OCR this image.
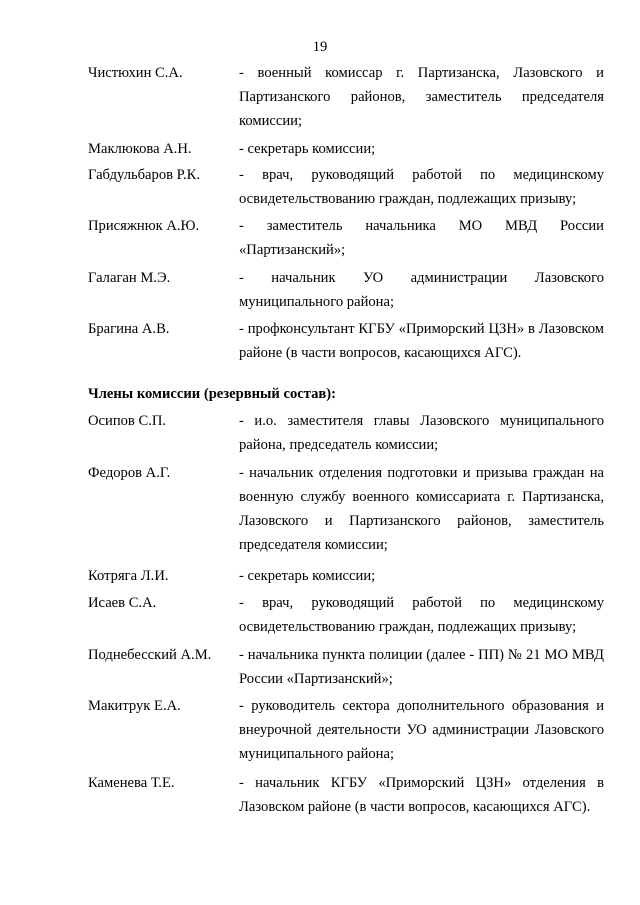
19
Чистюхин С.А.	- военный комиссар г. Партизанска, Лазовского и Партизанского районов, заместитель председателя комиссии;
Маклюкова А.Н.	- секретарь комиссии;
Габдульбаров Р.К.	- врач, руководящий работой по медицинскому освидетельствованию граждан, подлежащих призыву;
Присяжнюк А.Ю.	- заместитель начальника МО МВД России «Партизанский»;
Галаган М.Э.	- начальник УО администрации Лазовского муниципального района;
Брагина А.В.	- профконсультант КГБУ «Приморский ЦЗН» в Лазовском районе (в части вопросов, касающихся АГС).
Члены комиссии (резервный состав):
Осипов С.П.	- и.о. заместителя главы Лазовского муниципального района, председатель комиссии;
Федоров А.Г.	- начальник отделения подготовки и призыва граждан на военную службу военного комиссариата г. Партизанска, Лазовского и Партизанского районов, заместитель председателя комиссии;
Котряга Л.И.	- секретарь комиссии;
Исаев С.А.	- врач, руководящий работой по медицинскому освидетельствованию граждан, подлежащих призыву;
Поднебесский А.М. - начальника пункта полиции (далее - ПП) № 21 МО МВД России «Партизанский»;
Макитрук Е.А.	- руководитель сектора дополнительного образования и внеурочной деятельности УО администрации Лазовского муниципального района;
Каменева Т.Е.	- начальник КГБУ «Приморский ЦЗН» отделения в Лазовском районе (в части вопросов, касающихся АГС).
